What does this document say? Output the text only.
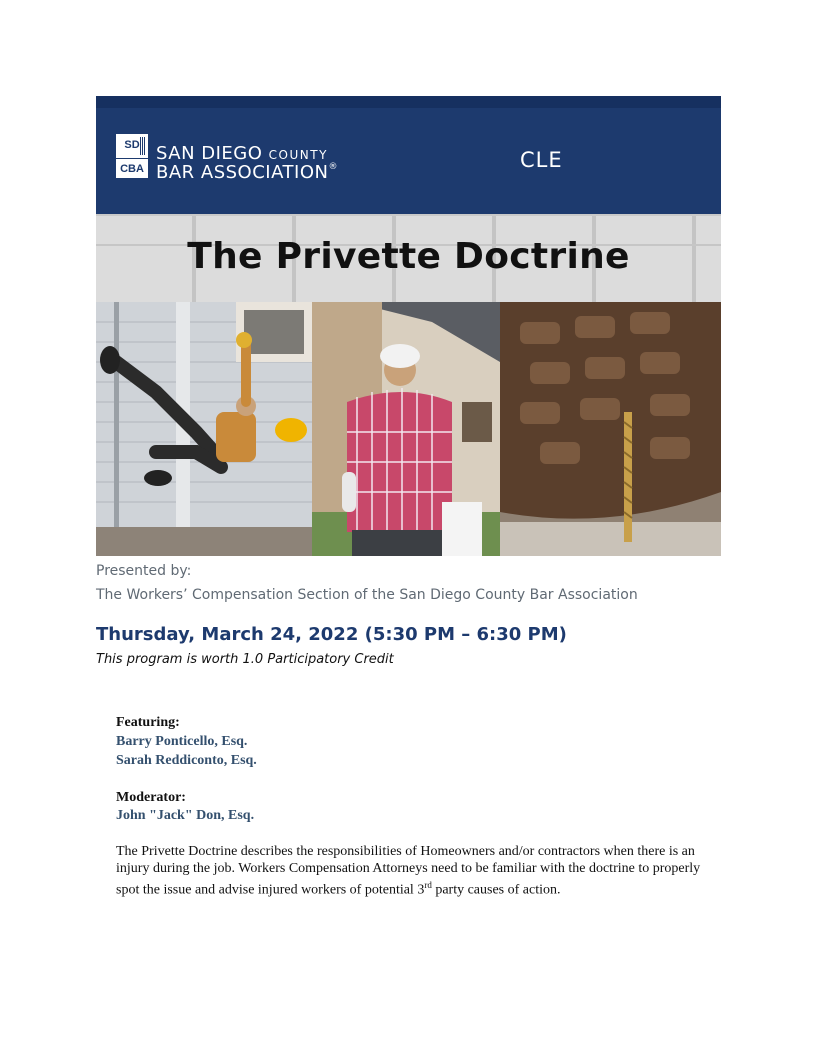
SD
CBA
SAN DIEGO COUNTY
BAR ASSOCIATION®	CLE
The Privette Doctrine
Presented by:
The Workers’ Compensation Section of the San Diego County Bar Association
Thursday, March 24, 2022 (5:30 PM – 6:30 PM)
This program is worth 1.0 Participatory Credit
Featuring:
Barry Ponticello, Esq.
Sarah Reddiconto, Esq.
Moderator:
John "Jack" Don, Esq.
The Privette Doctrine describes the responsibilities of Homeowners and/or contractors when there is an injury during the job. Workers Compensation Attorneys need to be familiar with the doctrine to properly spot the issue and advise injured workers of potential 3rd party causes of action.
